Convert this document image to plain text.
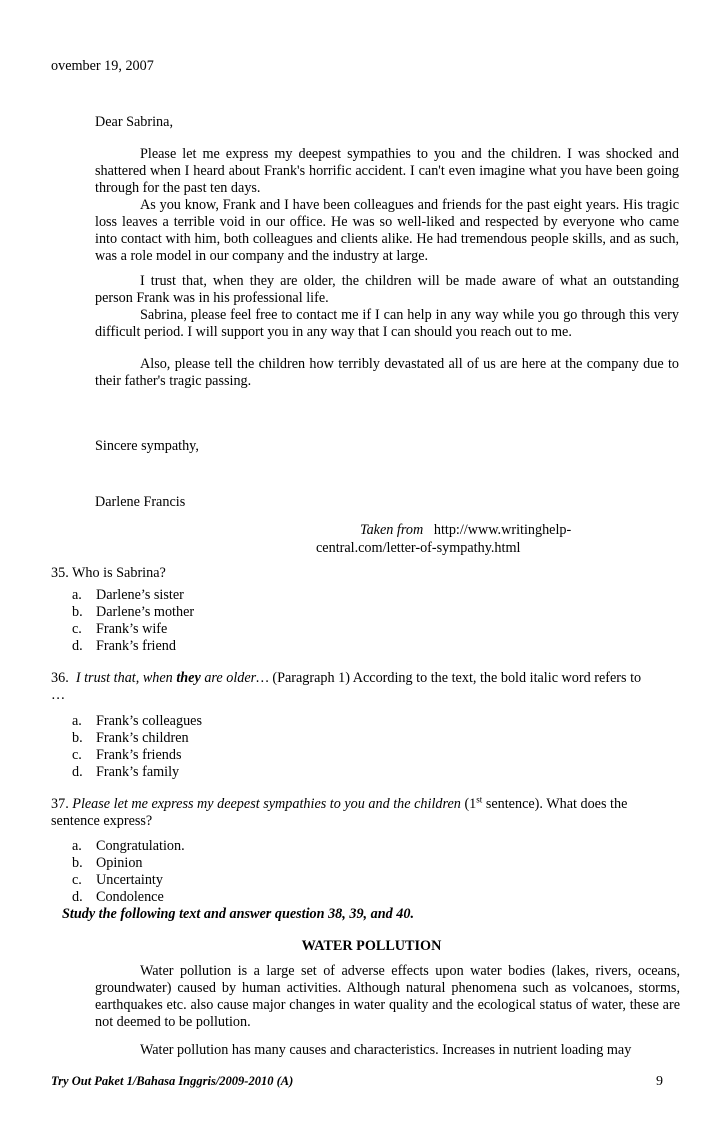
ovember 19, 2007
Dear Sabrina,

Please let me express my deepest sympathies to you and the children. I was shocked and shattered when I heard about Frank's horrific accident. I can't even imagine what you have been going through for the past ten days.

As you know, Frank and I have been colleagues and friends for the past eight years. His tragic loss leaves a terrible void in our office. He was so well-liked and respected by everyone who came into contact with him, both colleagues and clients alike. He had tremendous people skills, and as such, was a role model in our company and the industry at large.

I trust that, when they are older, the children will be made aware of what an outstanding person Frank was in his professional life.

Sabrina, please feel free to contact me if I can help in any way while you go through this very difficult period. I will support you in any way that I can should you reach out to me.

Also, please tell the children how terribly devastated all of us are here at the company due to their father's tragic passing.

Sincere sympathy,
Darlene Francis
Taken from http://www.writinghelp-
central.com/letter-of-sympathy.html
35. Who is Sabrina?
a. Darlene’s sister
b. Darlene’s mother
c. Frank’s wife
d. Frank’s friend
36. I trust that, when they are older… (Paragraph 1) According to the text, the bold italic word refers to
…
a. Frank’s colleagues
b. Frank’s children
c. Frank’s friends
d. Frank’s family
37. Please let me express my deepest sympathies to you and the children (1st sentence). What does the
sentence express?
a. Congratulation.
b. Opinion
c. Uncertainty
d. Condolence
Study the following text and answer question 38, 39, and 40.
WATER POLLUTION

Water pollution is a large set of adverse effects upon water bodies (lakes, rivers, oceans, groundwater) caused by human activities. Although natural phenomena such as volcanoes, storms, earthquakes etc. also cause major changes in water quality and the ecological status of water, these are not deemed to be pollution.

Water pollution has many causes and characteristics. Increases in nutrient loading may

Try Out Paket 1/Bahasa Inggris/2009-2010 (A)	9
